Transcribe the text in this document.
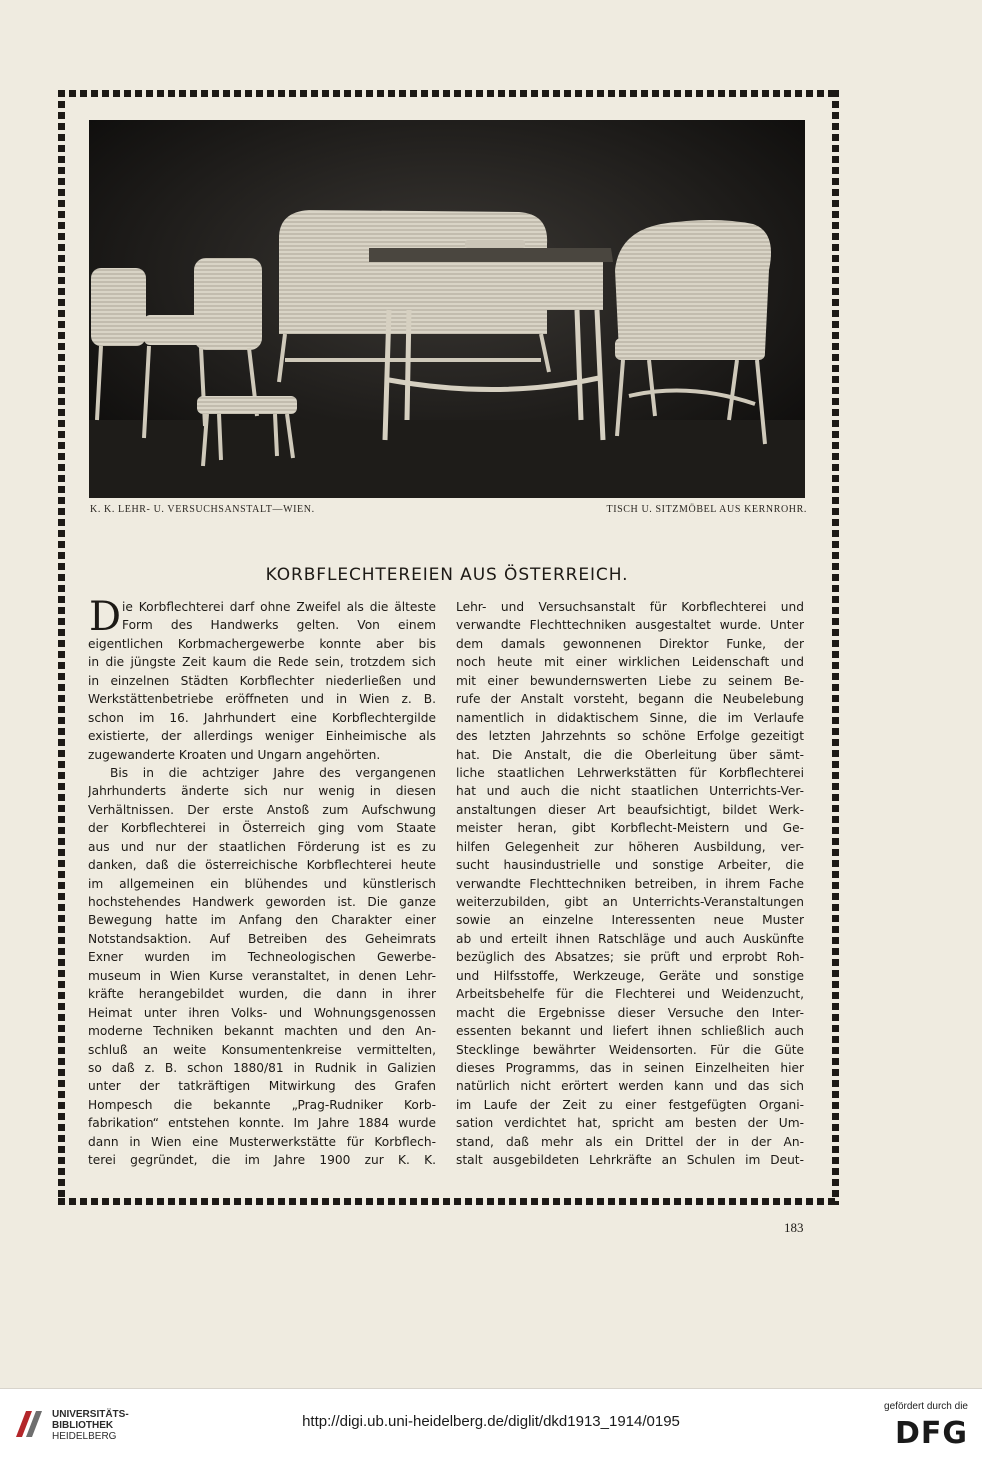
K. K. LEHR- U. VERSUCHSANSTALT—WIEN.	TISCH U. SITZMÖBEL AUS KERNROHR.
KORBFLECHTEREIEN AUS ÖSTERREICH.
D ie Korbflechterei darf ohne Zweifel als die älteste
Form des Handwerks gelten. Von einem
eigentlichen Korbmachergewerbe konnte aber bis
in die jüngste Zeit kaum die Rede sein, trotzdem sich
in einzelnen Städten Korbflechter niederließen und
Werkstättenbetriebe eröffneten und in Wien z. B.
schon im 16. Jahrhundert eine Korbflechtergilde
existierte, der allerdings weniger Einheimische als
zugewanderte Kroaten und Ungarn angehörten.
Bis in die achtziger Jahre des vergangenen
Jahrhunderts änderte sich nur wenig in diesen
Verhältnissen. Der erste Anstoß zum Aufschwung
der Korbflechterei in Österreich ging vom Staate
aus und nur der staatlichen Förderung ist es zu
danken, daß die österreichische Korbflechterei heute
im allgemeinen ein blühendes und künstlerisch
hochstehendes Handwerk geworden ist. Die ganze
Bewegung hatte im Anfang den Charakter einer
Notstandsaktion. Auf Betreiben des Geheimrats
Exner wurden im Techneologischen Gewerbe-
museum in Wien Kurse veranstaltet, in denen Lehr-
kräfte herangebildet wurden, die dann in ihrer
Heimat unter ihren Volks- und Wohnungsgenossen
moderne Techniken bekannt machten und den An-
schluß an weite Konsumentenkreise vermittelten,
so daß z. B. schon 1880/81 in Rudnik in Galizien
unter der tatkräftigen Mitwirkung des Grafen
Hompesch die bekannte „Prag-Rudniker Korb-
fabrikation“ entstehen konnte. Im Jahre 1884 wurde
dann in Wien eine Musterwerkstätte für Korbflech-
terei gegründet, die im Jahre 1900 zur K. K.
Lehr- und Versuchsanstalt für Korbflechterei und
verwandte Flechttechniken ausgestaltet wurde. Unter
dem damals gewonnenen Direktor Funke, der
noch heute mit einer wirklichen Leidenschaft und
mit einer bewundernswerten Liebe zu seinem Be-
rufe der Anstalt vorsteht, begann die Neubelebung
namentlich in didaktischem Sinne, die im Verlaufe
des letzten Jahrzehnts so schöne Erfolge gezeitigt
hat. Die Anstalt, die die Oberleitung über sämt-
liche staatlichen Lehrwerkstätten für Korbflechterei
hat und auch die nicht staatlichen Unterrichts-Ver-
anstaltungen dieser Art beaufsichtigt, bildet Werk-
meister heran, gibt Korbflecht-Meistern und Ge-
hilfen Gelegenheit zur höheren Ausbildung, ver-
sucht hausindustrielle und sonstige Arbeiter, die
verwandte Flechttechniken betreiben, in ihrem Fache
weiterzubilden, gibt an Unterrichts-Veranstaltungen
sowie an einzelne Interessenten neue Muster
ab und erteilt ihnen Ratschläge und auch Auskünfte
bezüglich des Absatzes; sie prüft und erprobt Roh-
und Hilfsstoffe, Werkzeuge, Geräte und sonstige
Arbeitsbehelfe für die Flechterei und Weidenzucht,
macht die Ergebnisse dieser Versuche den Inter-
essenten bekannt und liefert ihnen schließlich auch
Stecklinge bewährter Weidensorten. Für die Güte
dieses Programms, das in seinen Einzelheiten hier
natürlich nicht erörtert werden kann und das sich
im Laufe der Zeit zu einer festgefügten Organi-
sation verdichtet hat, spricht am besten der Um-
stand, daß mehr als ein Drittel der in der An-
stalt ausgebildeten Lehrkräfte an Schulen im Deut-
183
UNIVERSITÄTS-
BIBLIOTHEK
HEIDELBERG
http://digi.ub.uni-heidelberg.de/diglit/dkd1913_1914/0195
gefördert durch die
DFG
